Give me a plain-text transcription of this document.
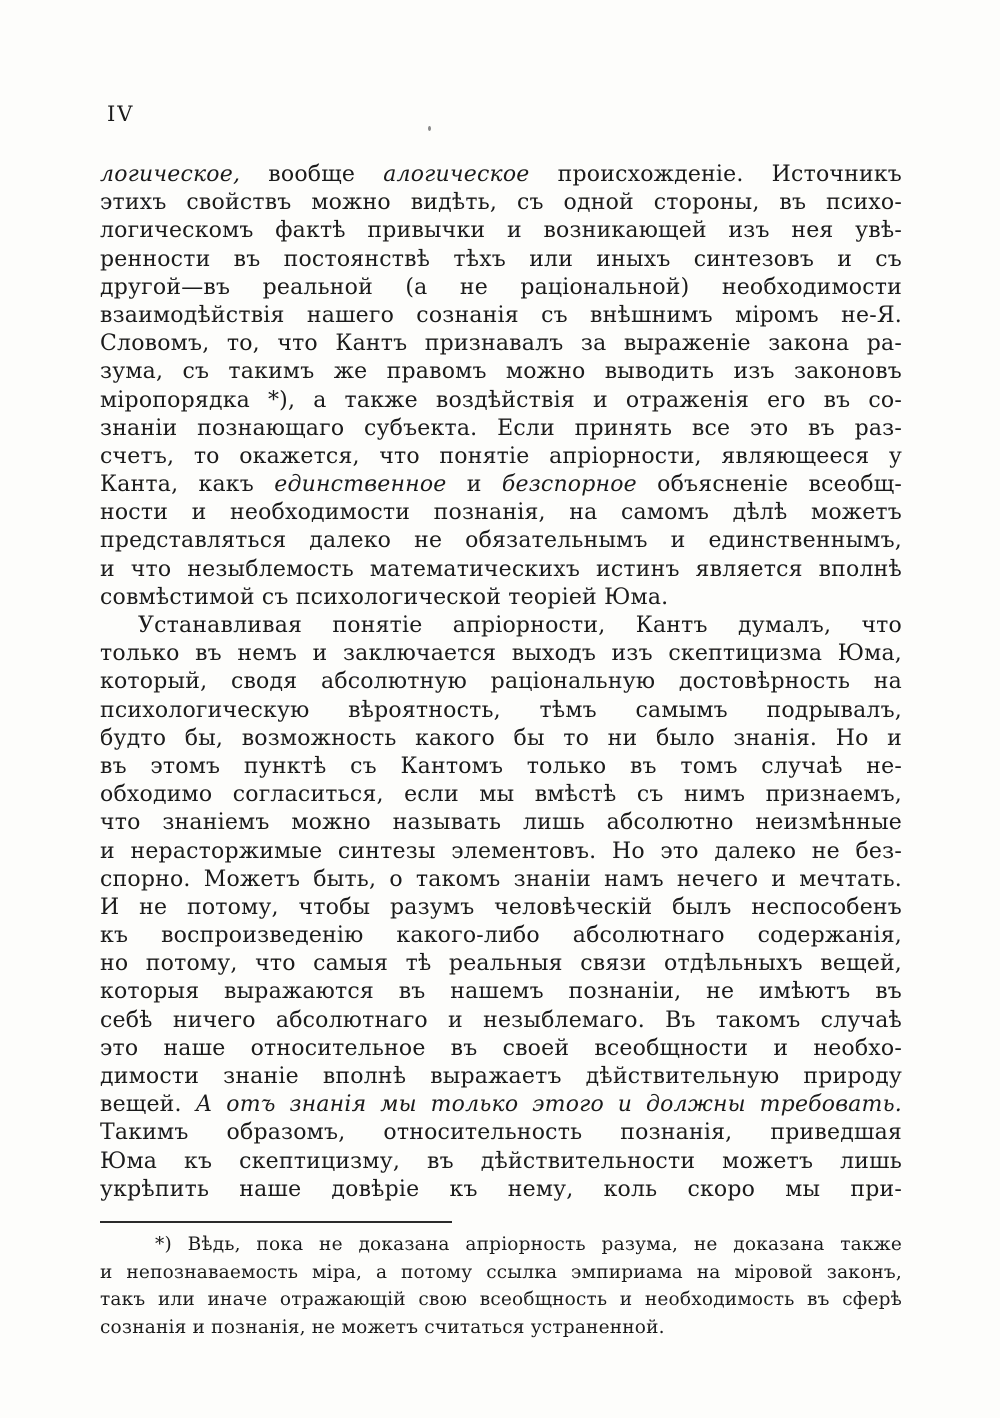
IV
логическое, вообще алогическое происхожденіе. Источникъ
этихъ свойствъ можно видѣть, съ одной стороны, въ психо-
логическомъ фактѣ привычки и возникающей изъ нея увѣ-
ренности въ постоянствѣ тѣхъ или иныхъ синтезовъ и съ
другой—въ реальной (а не раціональной) необходимости
взаимодѣйствія нашего сознанія съ внѣшнимъ міромъ не-Я.
Словомъ, то, что Кантъ признавалъ за выраженіе закона ра-
зума, съ такимъ же правомъ можно выводить изъ законовъ
міропорядка *), а также воздѣйствія и отраженія его въ со-
знаніи познающаго субъекта. Если принять все это въ раз-
счетъ, то окажется, что понятіе апріорности, являющееся у
Канта, какъ единственное и безспорное объясненіе всеобщ-
ности и необходимости познанія, на самомъ дѣлѣ можетъ
представляться далеко не обязательнымъ и единственнымъ,
и что незыблемость математическихъ истинъ является вполнѣ
совмѣстимой съ психологической теоріей Юма.
Устанавливая понятіе апріорности, Кантъ думалъ, что
только въ немъ и заключается выходъ изъ скептицизма Юма,
который, сводя абсолютную раціональную достовѣрность на
психологическую вѣроятность, тѣмъ самымъ подрывалъ,
будто бы, возможность какого бы то ни было знанія. Но и
въ этомъ пунктѣ съ Кантомъ только въ томъ случаѣ не-
обходимо согласиться, если мы вмѣстѣ съ нимъ признаемъ,
что знаніемъ можно называть лишь абсолютно неизмѣнные
и нерасторжимые синтезы элементовъ. Но это далеко не без-
спорно. Можетъ быть, о такомъ знаніи намъ нечего и мечтать.
И не потому, чтобы разумъ человѣческій былъ неспособенъ
къ воспроизведенію какого-либо абсолютнаго содержанія,
но потому, что самыя тѣ реальныя связи отдѣльныхъ вещей,
которыя выражаются въ нашемъ познаніи, не имѣютъ въ
себѣ ничего абсолютнаго и незыблемаго. Въ такомъ случаѣ
это наше относительное въ своей всеобщности и необхо-
димости знаніе вполнѣ выражаетъ дѣйствительную природу
вещей. А отъ знанія мы только этого и должны требовать.
Такимъ образомъ, относительность познанія, приведшая
Юма къ скептицизму, въ дѣйствительности можетъ лишь
укрѣпить наше довѣріе къ нему, коль скоро мы при-
*) Вѣдь, пока не доказана апріорность разума, не доказана также
и непознаваемость міра, а потому ссылка эмпириама на міровой законъ,
такъ или иначе отражающій свою всеобщность и необходимость въ сферѣ
сознанія и познанія, не можетъ считаться устраненной.
